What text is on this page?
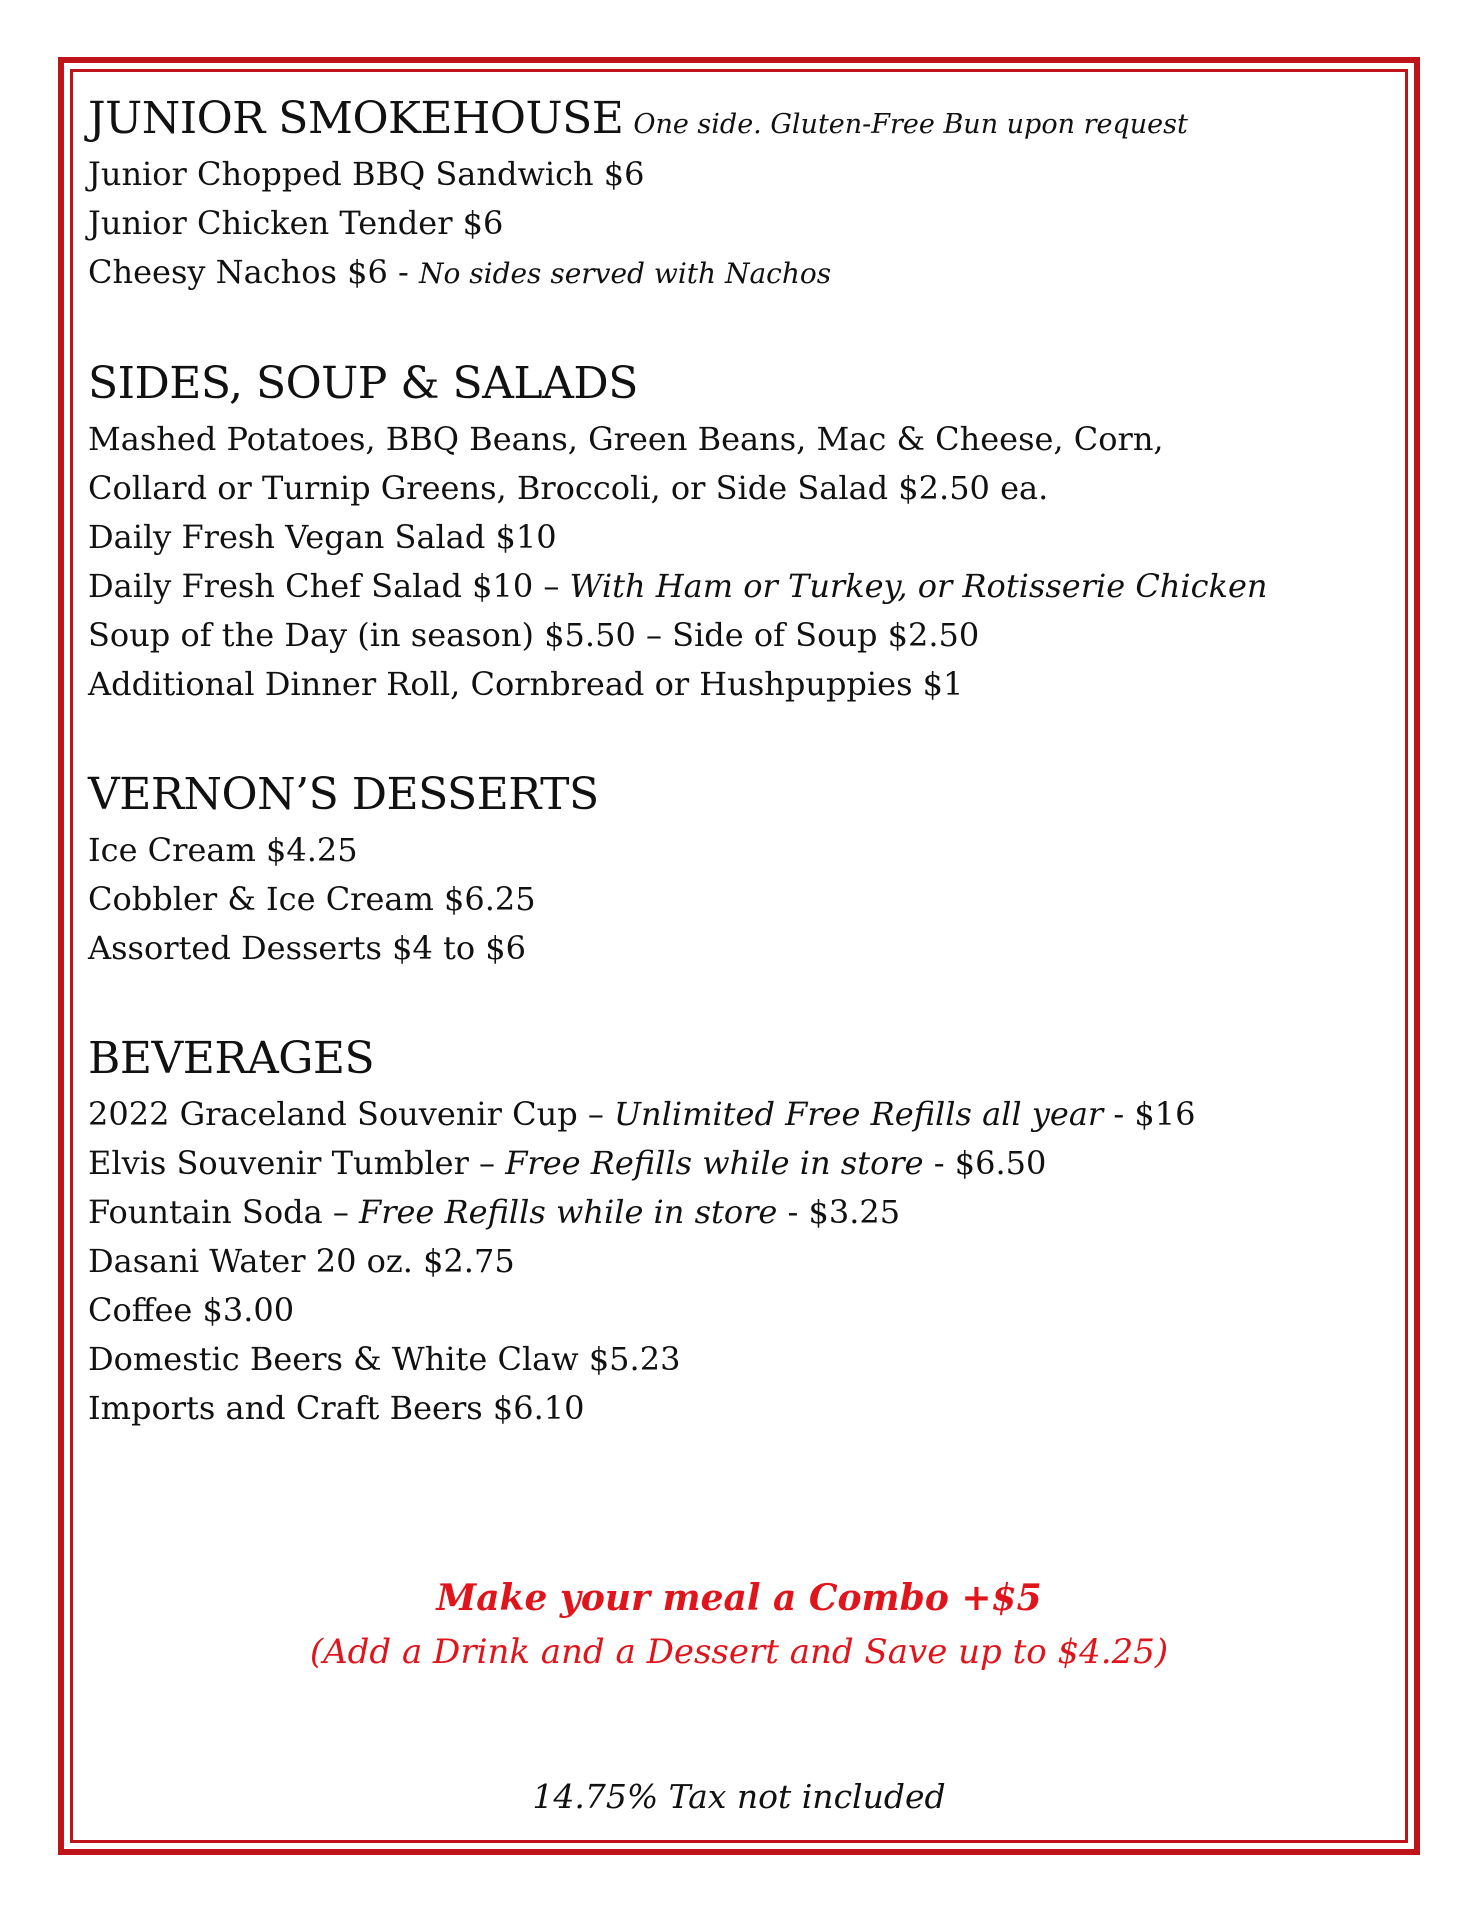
JUNIOR SMOKEHOUSE One side. Gluten-Free Bun upon request

Junior Chopped BBQ Sandwich $6

Junior Chicken Tender $6

Cheesy Nachos $6 - No sides served with Nachos

SIDES, SOUP & SALADS

Mashed Potatoes, BBQ Beans, Green Beans, Mac & Cheese, Corn,

Collard or Turnip Greens, Broccoli, or Side Salad $2.50 ea.

Daily Fresh Vegan Salad $10

Daily Fresh Chef Salad $10 – With Ham or Turkey, or Rotisserie Chicken

Soup of the Day (in season) $5.50 – Side of Soup $2.50

Additional Dinner Roll, Cornbread or Hushpuppies $1

VERNON’S DESSERTS

Ice Cream $4.25

Cobbler & Ice Cream $6.25

Assorted Desserts $4 to $6

BEVERAGES

2022 Graceland Souvenir Cup – Unlimited Free Refills all year - $16

Elvis Souvenir Tumbler – Free Refills while in store - $6.50

Fountain Soda – Free Refills while in store - $3.25

Dasani Water 20 oz. $2.75

Coffee $3.00

Domestic Beers & White Claw $5.23

Imports and Craft Beers $6.10

Make your meal a Combo +$5
(Add a Drink and a Dessert and Save up to $4.25)
14.75% Tax not included
